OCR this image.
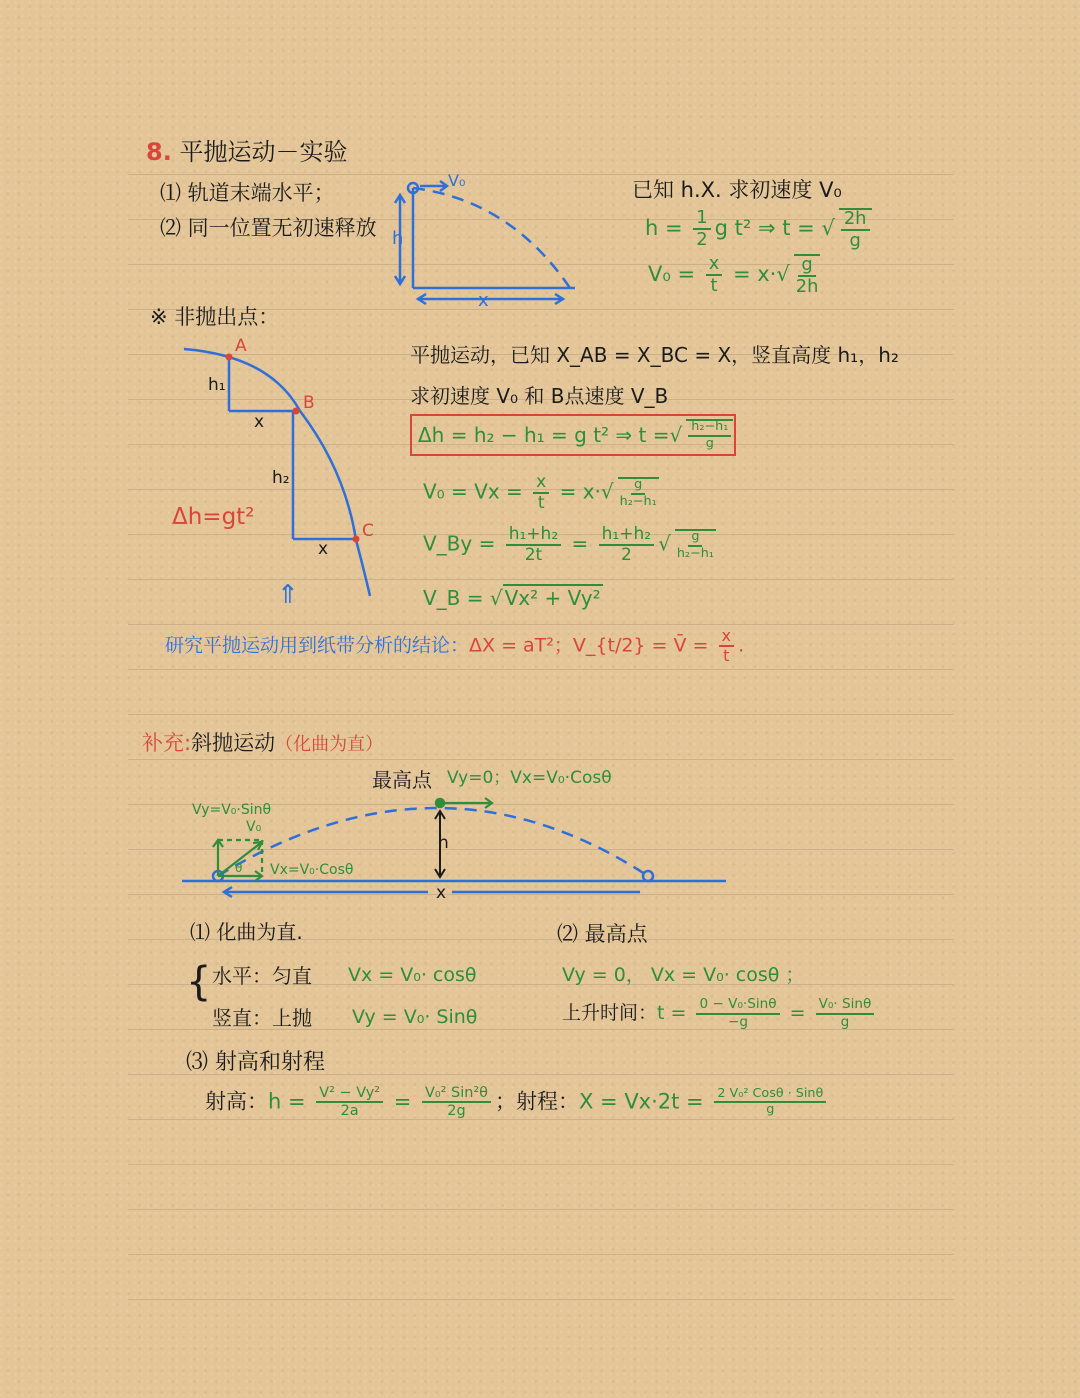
8. 平抛运动－实验
⑴ 轨道末端水平；
⑵ 同一位置无初速释放
V₀
h
x
已知 h.X. 求初速度 V₀
$h = \frac{1}{2}$ g t² ⇒ t = √ $\frac{2h}{g}$
$V_0 = \frac{x}{t} = x\cdot√ \frac{g}{2h}$
※ 非抛出点：
A
B
C
h₁
h₂
x
x
Δh=gt²
⇑
平抛运动，已知 X_AB = X_BC = X，竖直高度 h₁，h₂
求初速度 V₀ 和 B点速度 V_B
Δh = h₂ − h₁ = g t² ⇒ t = √ $\frac{\text{h₂−h₁}}{g}$
$V_0 = Vx = \frac{x}{t} = x\cdot√ \frac{g}{\text{h₂−h₁}}$
V_By = $\frac{\text{h₁+h₂}}{2t} = \frac{\text{h₁+h₂}}{2}$ √ $\frac{g}{\text{h₂−h₁}}$
V_B = √ Vx² + Vy²
研究平抛运动用到纸带分析的结论：ΔX = aT²；V_{t/2} = V̄ = $\frac{x}{t}$ .
补充:斜抛运动（化曲为直）
最高点 Vy=0；Vx=V₀·Cosθ
Vy=V₀·Sinθ
V₀
Vx=V₀·Cosθ
θ
h
x
⑴ 化曲为直.
{ 水平：匀直 Vx = V₀· cosθ
竖直：上抛 Vy = V₀· Sinθ
⑵ 最高点
Vy = 0， Vx = V₀· cosθ ；
上升时间：$t = \frac{\text{0 − V₀·Sinθ}}{-g} = \frac{\text{V₀· Sinθ}}{g}$
⑶ 射高和射程
射高：$h = \frac{\text{V² − Vy²}}{2a} = \frac{\text{V₀² Sin²θ}}{2g}$ ；射程：$X = Vx\cdot 2t = \frac{\text{2 V₀² Cosθ · Sinθ}}{g}$
